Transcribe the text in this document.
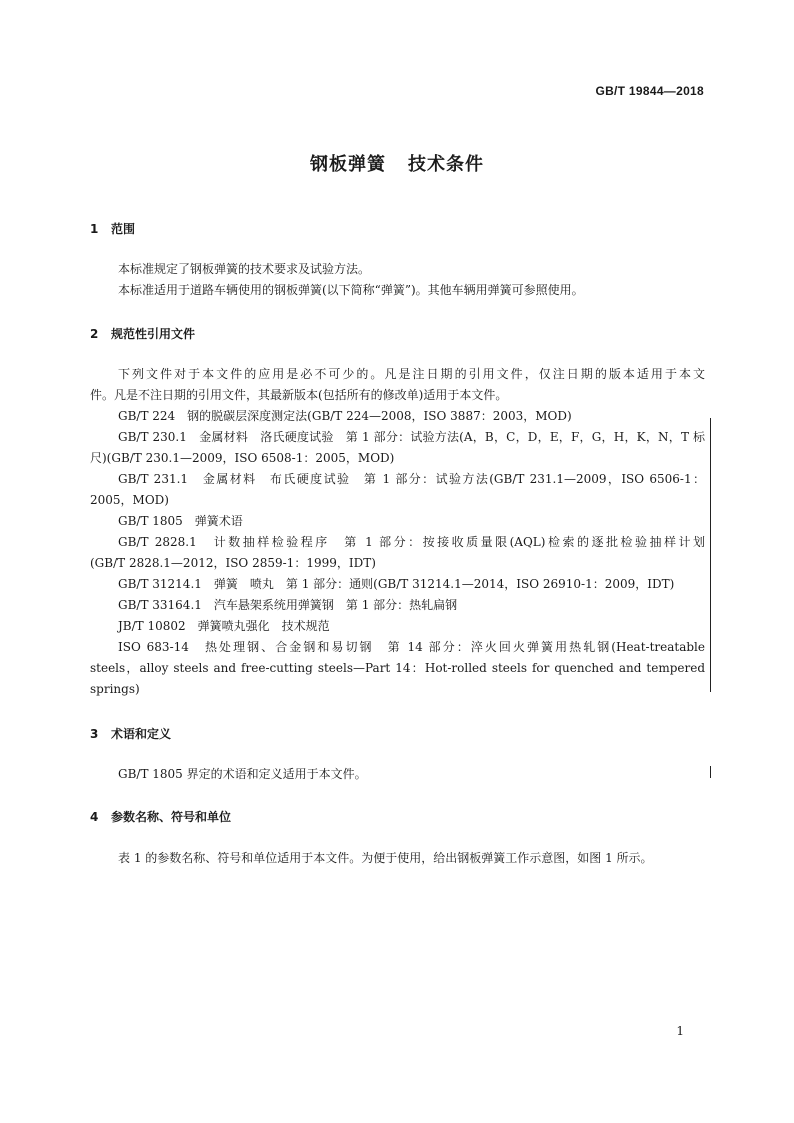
GB/T 19844—2018
钢板弹簧 技术条件
1 范围
本标准规定了钢板弹簧的技术要求及试验方法。
本标准适用于道路车辆使用的钢板弹簧(以下简称“弹簧”)。其他车辆用弹簧可参照使用。
2 规范性引用文件
下列文件对于本文件的应用是必不可少的。凡是注日期的引用文件，仅注日期的版本适用于本文
件。凡是不注日期的引用文件，其最新版本(包括所有的修改单)适用于本文件。
GB/T 224　钢的脱碳层深度测定法(GB/T 224—2008，ISO 3887：2003，MOD)
GB/T 230.1　金属材料　洛氏硬度试验　第 1 部分：试验方法(A，B，C，D，E，F，G，H，K，N，T 标
尺)(GB/T 230.1—2009，ISO 6508-1：2005，MOD)
GB/T 231.1　金属材料　布氏硬度试验　第 1 部分：试验方法(GB/T 231.1—2009，ISO 6506-1：
2005，MOD)
GB/T 1805　弹簧术语
GB/T 2828.1　计数抽样检验程序　第 1 部分：按接收质量限(AQL)检索的逐批检验抽样计划
(GB/T 2828.1—2012，ISO 2859-1：1999，IDT)
GB/T 31214.1　弹簧　喷丸　第 1 部分：通则(GB/T 31214.1—2014，ISO 26910-1：2009，IDT)
GB/T 33164.1　汽车悬架系统用弹簧钢　第 1 部分：热轧扁钢
JB/T 10802　弹簧喷丸强化　技术规范
ISO 683-14　热处理钢、合金钢和易切钢　第 14 部分：淬火回火弹簧用热轧钢(Heat-treatable
steels，alloy steels and free-cutting steels—Part 14：Hot-rolled steels for quenched and tempered
springs)
3 术语和定义
GB/T 1805 界定的术语和定义适用于本文件。
4 参数名称、符号和单位
表 1 的参数名称、符号和单位适用于本文件。为便于使用，给出钢板弹簧工作示意图，如图 1 所示。
1
